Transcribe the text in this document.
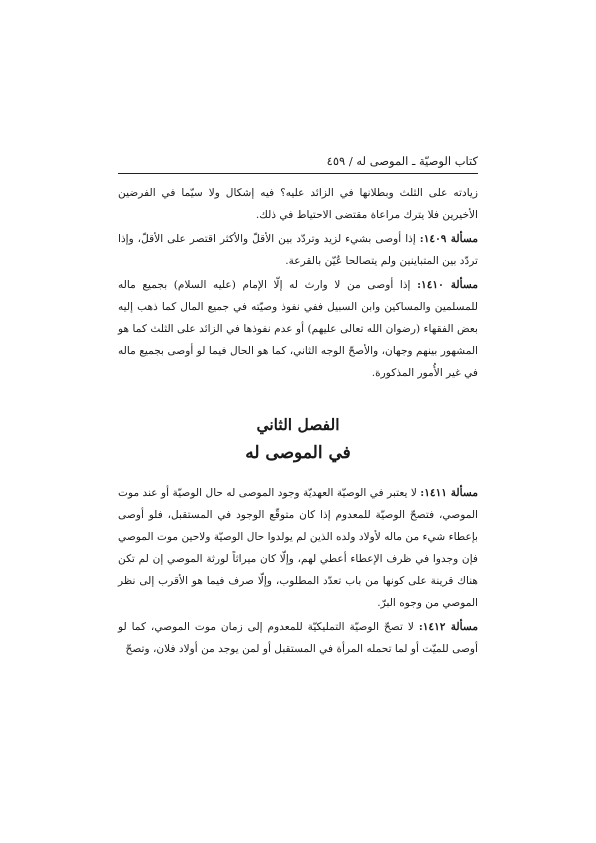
كتاب الوصيّة ـ الموصى له / ٤٥٩

زيادته على الثلث وبطلانها في الزائد عليه؟ فيه إشكال ولا سيّما في الفرضين الأخيرين فلا يترك مراعاة مقتضى الاحتياط في ذلك.

مسألة ١٤٠٩: إذا أوصى بشيء لزيد وتردّد بين الأقلّ والأكثر اقتصر على الأقلّ، وإذا تردّد بين المتباينين ولم يتصالحا عُيّن بالقرعة.

مسألة ١٤١٠: إذا أوصى من لا وارث له إلّا الإمام (عليه السلام) بجميع ماله للمسلمين والمساكين وابن السبيل ففي نفوذ وصيّته في جميع المال كما ذهب إليه بعض الفقهاء (رضوان الله تعالى عليهم) أو عدم نفوذها في الزائد على الثلث كما هو المشهور بينهم وجهان، والأصحّ الوجه الثاني، كما هو الحال فيما لو أوصى بجميع ماله في غير الأُمور المذكورة.

الفصل الثاني
في الموصى له

مسألة ١٤١١: لا يعتبر في الوصيّة العهديّة وجود الموصى له حال الوصيّة أو عند موت الموصي، فتصحّ الوصيّة للمعدوم إذا كان متوقّع الوجود في المستقبل، فلو أوصى بإعطاء شيء من ماله لأولاد ولده الذين لم يولدوا حال الوصيّة ولاحين موت الموصي فإن وجدوا في ظرف الإعطاء أعطي لهم، وإلّا كان ميراثاً لورثة الموصي إن لم تكن هناك قرينة على كونها من باب تعدّد المطلوب، وإلّا صرف فيما هو الأقرب إلى نظر الموصي من وجوه البرّ.

مسألة ١٤١٢: لا تصحّ الوصيّة التمليكيّة للمعدوم إلى زمان موت الموصي، كما لو أوصى للميّت أو لما تحمله المرأة في المستقبل أو لمن يوجد من أولاد فلان، وتصحّ
